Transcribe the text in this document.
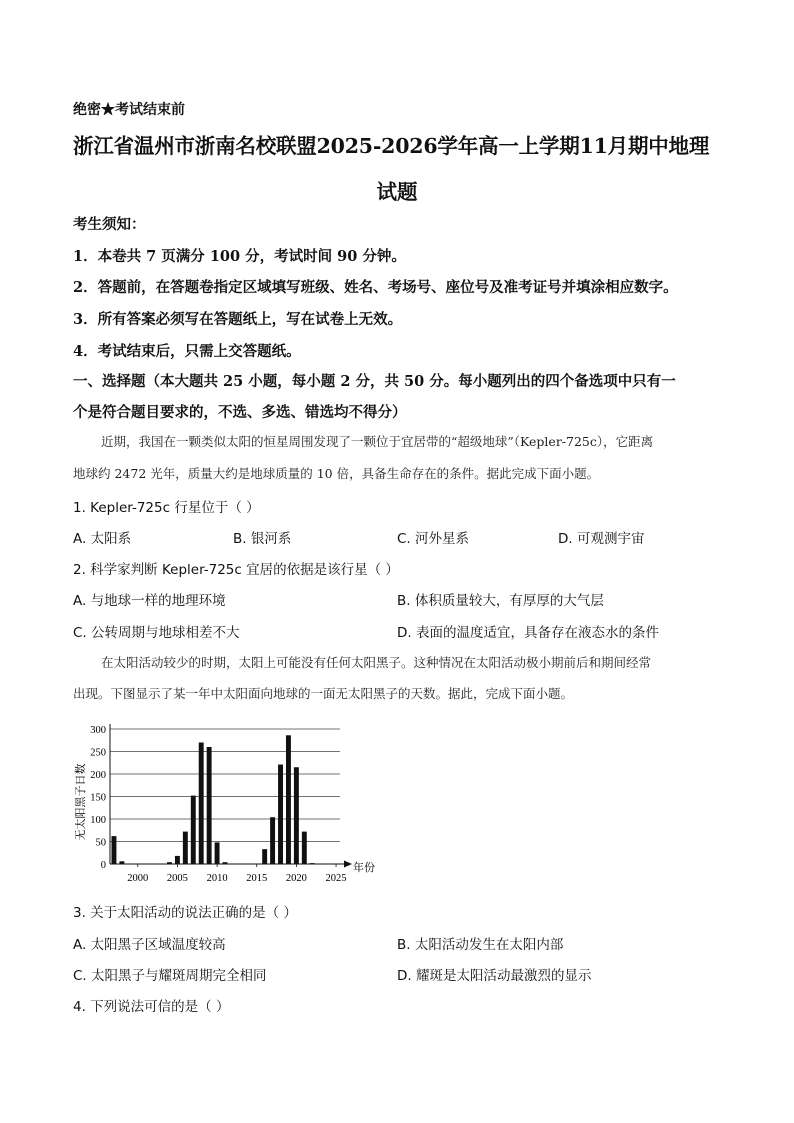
绝密★考试结束前
浙江省温州市浙南名校联盟2025-2026学年高一上学期11月期中地理
试题
考生须知：
1．本卷共 7 页满分 100 分，考试时间 90 分钟。
2．答题前，在答题卷指定区域填写班级、姓名、考场号、座位号及准考证号并填涂相应数字。
3．所有答案必须写在答题纸上，写在试卷上无效。
4．考试结束后，只需上交答题纸。
一、选择题（本大题共 25 小题，每小题 2 分，共 50 分。每小题列出的四个备选项中只有一
个是符合题目要求的，不选、多选、错选均不得分）
近期，我国在一颗类似太阳的恒星周围发现了一颗位于宜居带的“超级地球”（Kepler-725c），它距离
地球约 2472 光年，质量大约是地球质量的 10 倍，具备生命存在的条件。据此完成下面小题。
1. Kepler-725c 行星位于（ ）
A. 太阳系	B. 银河系	C. 河外星系	D. 可观测宇宙
2. 科学家判断 Kepler-725c 宜居的依据是该行星（ ）
A. 与地球一样的地理环境	B. 体积质量较大，有厚厚的大气层
C. 公转周期与地球相差不大	D. 表面的温度适宜，具备存在液态水的条件
在太阳活动较少的时期，太阳上可能没有任何太阳黑子。这种情况在太阳活动极小期前后和期间经常
出现。下图显示了某一年中太阳面向地球的一面无太阳黑子的天数。据此，完成下面小题。
无太阳黑子日数
0
50
100
150
200
250
300
2000 2005 2010 2015 2020 2025
年份
3. 关于太阳活动的说法正确的是（ ）
A. 太阳黑子区域温度较高	B. 太阳活动发生在太阳内部
C. 太阳黑子与耀斑周期完全相同	D. 耀斑是太阳活动最激烈的显示
4. 下列说法可信的是（ ）
